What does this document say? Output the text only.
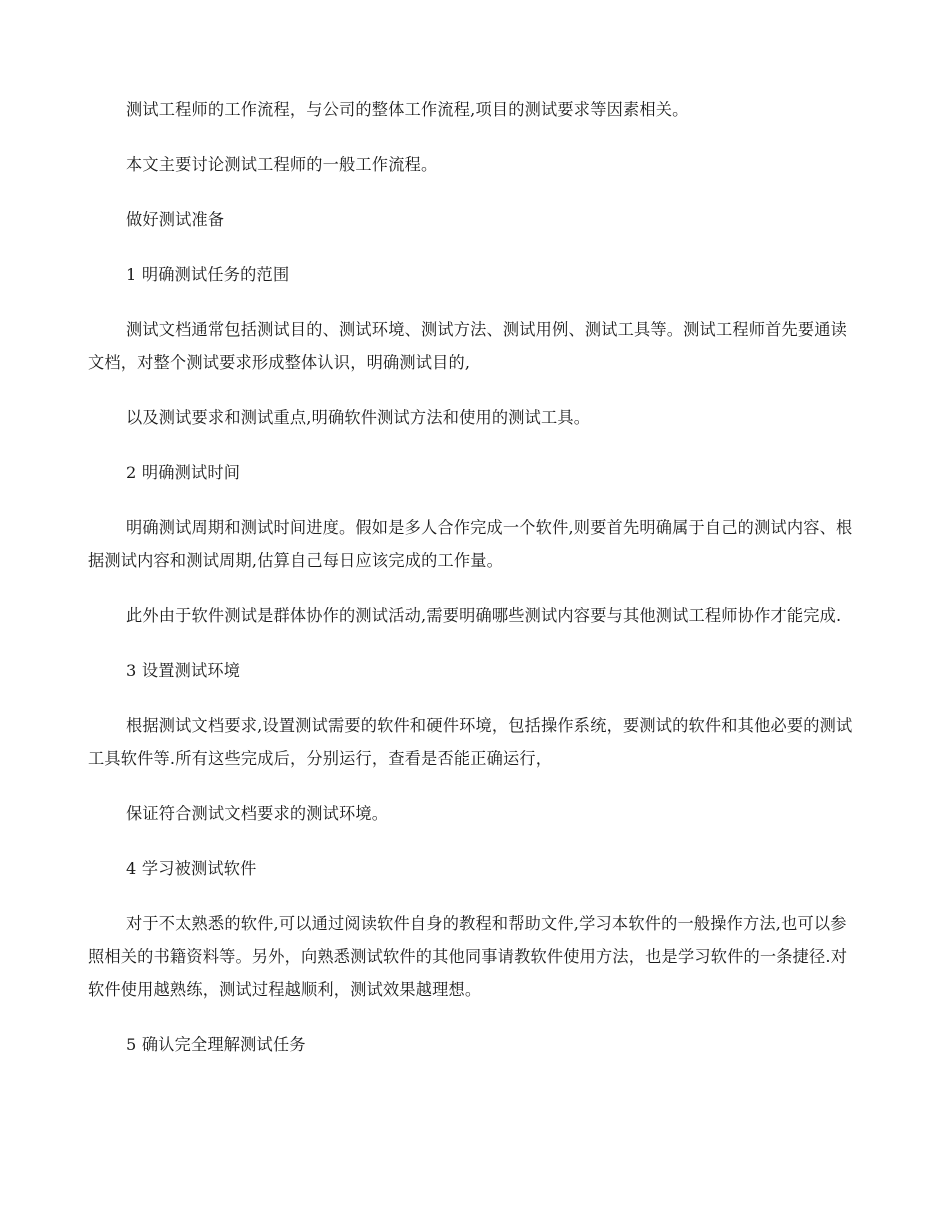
测试工程师的工作流程，与公司的整体工作流程,项目的测试要求等因素相关。

本文主要讨论测试工程师的一般工作流程。

做好测试准备

1 明确测试任务的范围

测试文档通常包括测试目的、测试环境、测试方法、测试用例、测试工具等。测试工程师首先要通读文档，对整个测试要求形成整体认识，明确测试目的,

以及测试要求和测试重点,明确软件测试方法和使用的测试工具。

2 明确测试时间

明确测试周期和测试时间进度。假如是多人合作完成一个软件,则要首先明确属于自己的测试内容、根据测试内容和测试周期,估算自己每日应该完成的工作量。

此外由于软件测试是群体协作的测试活动,需要明确哪些测试内容要与其他测试工程师协作才能完成.

3 设置测试环境

根据测试文档要求,设置测试需要的软件和硬件环境，包括操作系统，要测试的软件和其他必要的测试工具软件等.所有这些完成后，分别运行，查看是否能正确运行，

保证符合测试文档要求的测试环境。

4 学习被测试软件

对于不太熟悉的软件,可以通过阅读软件自身的教程和帮助文件,学习本软件的一般操作方法,也可以参照相关的书籍资料等。另外，向熟悉测试软件的其他同事请教软件使用方法，也是学习软件的一条捷径.对软件使用越熟练，测试过程越顺利，测试效果越理想。

5 确认完全理解测试任务
